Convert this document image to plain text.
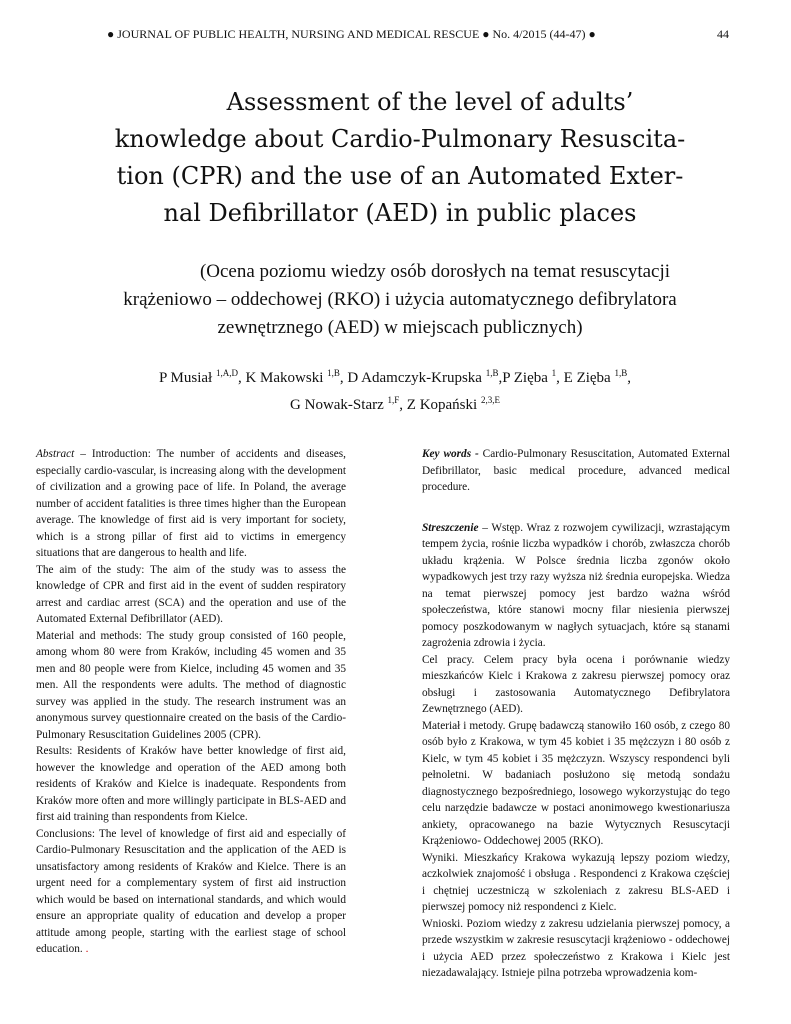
● JOURNAL OF PUBLIC HEALTH, NURSING AND MEDICAL RESCUE ● No. 4/2015 (44-47) ●	44
Assessment of the level of adults’
knowledge about Cardio-Pulmonary Resuscita-
tion (CPR) and the use of an Automated Exter-
nal Defibrillator (AED) in public places
(Ocena poziomu wiedzy osób dorosłych na temat resuscytacji
krążeniowo – oddechowej (RKO) i użycia automatycznego defibrylatora
zewnętrznego (AED) w miejscach publicznych)
P Musiał $^{1,A,D}$, K Makowski $^{1,B}$, D Adamczyk-Krupska $^{1,B}$,P Zięba $^1$, E Zięba $^{1,B}$,
G Nowak-Starz $^{1,F}$, Z Kopański $^{2,3,E}$

Abstract – Introduction: The number of accidents and diseases, especially cardio-vascular, is increasing along with the development of civilization and a growing pace of life. In Poland, the average number of accident fatalities is three times higher than the European average. The knowledge of first aid is very important for society, which is a strong pillar of first aid to victims in emergency situations that are dangerous to health and life.

The aim of the study: The aim of the study was to assess the knowledge of CPR and first aid in the event of sudden respiratory arrest and cardiac arrest (SCA) and the operation and use of the Automated External Defibrillator (AED).

Material and methods: The study group consisted of 160 people, among whom 80 were from Kraków, including 45 women and 35 men and 80 people were from Kielce, including 45 women and 35 men. All the respondents were adults. The method of diagnostic survey was applied in the study. The research instrument was an anonymous survey questionnaire created on the basis of the Cardio-Pulmonary Resuscitation Guidelines 2005 (CPR).

Results: Residents of Kraków have better knowledge of first aid, however the knowledge and operation of the AED among both residents of Kraków and Kielce is inadequate. Respondents from Kraków more often and more willingly participate in BLS-AED and first aid training than respondents from Kielce.

Conclusions: The level of knowledge of first aid and especially of Cardio-Pulmonary Resuscitation and the application of the AED is unsatisfactory among residents of Kraków and Kielce. There is an urgent need for a complementary system of first aid instruction which would be based on international standards, and which would ensure an appropriate quality of education and develop a proper attitude among people, starting with the earliest stage of school education. .

Key words - Cardio-Pulmonary Resuscitation, Automated External Defibrillator, basic medical procedure, advanced medical procedure.

Streszczenie – Wstęp. Wraz z rozwojem cywilizacji, wzrastającym tempem życia, rośnie liczba wypadków i chorób, zwłaszcza chorób układu krążenia. W Polsce średnia liczba zgonów około wypadkowych jest trzy razy wyższa niż średnia europejska. Wiedza na temat pierwszej pomocy jest bardzo ważna wśród społeczeństwa, które stanowi mocny filar niesienia pierwszej pomocy poszkodowanym w nagłych sytuacjach, które są stanami zagrożenia zdrowia i życia.

Cel pracy. Celem pracy była ocena i porównanie wiedzy mieszkańców Kielc i Krakowa z zakresu pierwszej pomocy oraz obsługi i zastosowania Automatycznego Defibrylatora Zewnętrznego (AED).

Materiał i metody. Grupę badawczą stanowiło 160 osób, z czego 80 osób było z Krakowa, w tym 45 kobiet i 35 mężczyzn i 80 osób z Kielc, w tym 45 kobiet i 35 mężczyzn. Wszyscy respondenci byli pełnoletni. W badaniach posłużono się metodą sondażu diagnostycznego bezpośredniego, losowego wykorzystując do tego celu narzędzie badawcze w postaci anonimowego kwestionariusza ankiety, opracowanego na bazie Wytycznych Resuscytacji Krążeniowo- Oddechowej 2005 (RKO).

Wyniki. Mieszkańcy Krakowa wykazują lepszy poziom wiedzy, aczkolwiek znajomość i obsługa . Respondenci z Krakowa częściej i chętniej uczestniczą w szkoleniach z zakresu BLS-AED i pierwszej pomocy niż respondenci z Kielc.

Wnioski. Poziom wiedzy z zakresu udzielania pierwszej pomocy, a przede wszystkim w zakresie resuscytacji krążeniowo - oddechowej i użycia AED przez społeczeństwo z Krakowa i Kielc jest niezadawalający. Istnieje pilna potrzeba wprowadzenia kom-
